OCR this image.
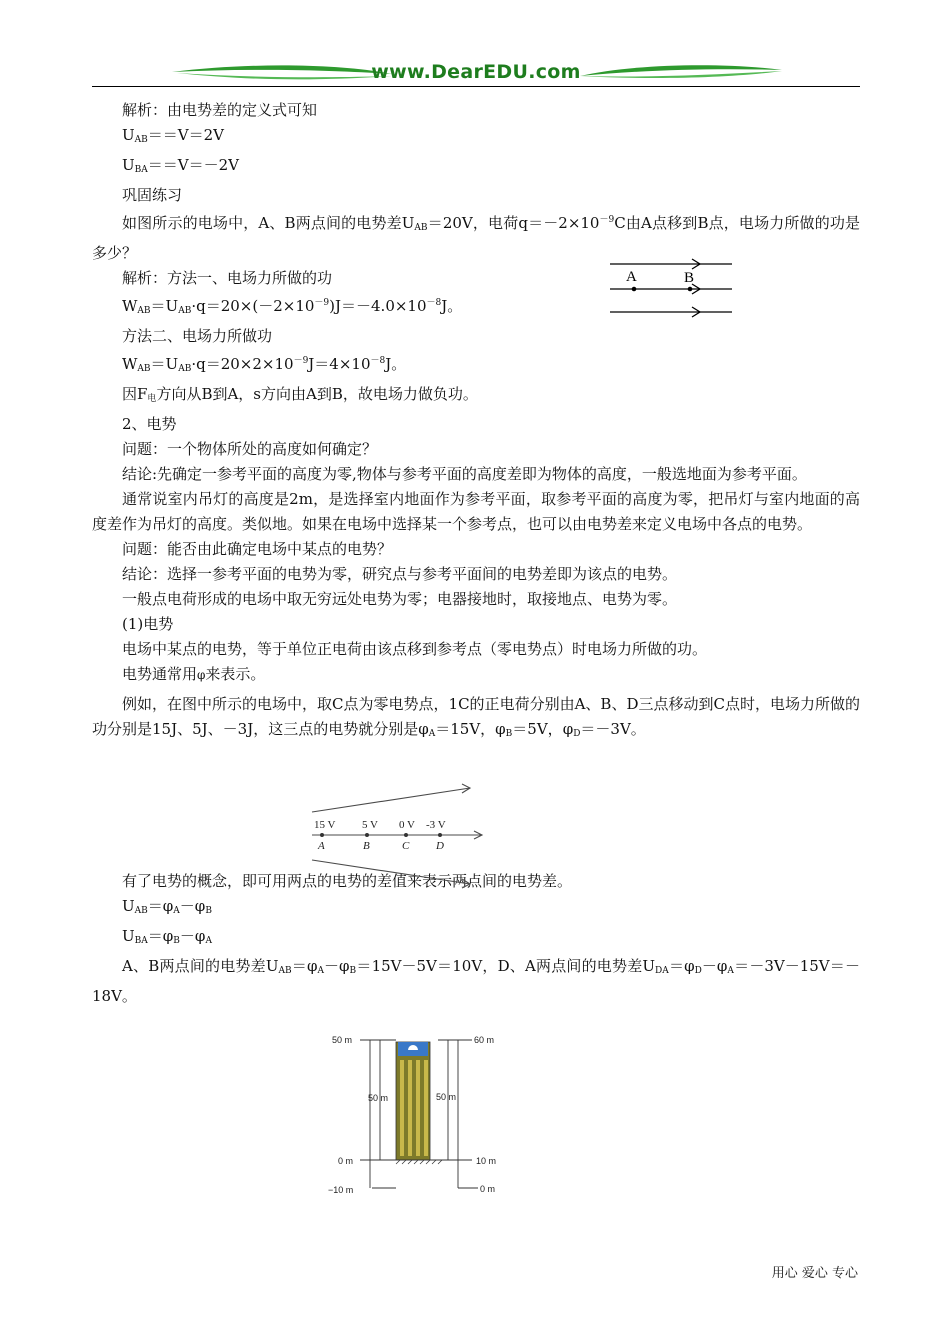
www.DearEDU.com

解析：由电势差的定义式可知

$U_{AB}==V=2V$

$U_{BA}==V=-2V$

巩固练习

如图所示的电场中，A、B两点间的电势差$U_{AB}=20V$，电荷$q=-2\times 10^{-9}C$由A点移到B点，电场力所做的功是多少？

解析：方法一、电场力所做的功

$W_{AB}=U_{AB}\cdot q=20\times(-2\times 10^{-9})J=-4.0\times 10^{-8}J$。

方法二、电场力所做功

$W_{AB}=U_{AB}\cdot q=20\times 2\times 10^{-9}J=4\times 10^{-8}J$。

因$F_电$方向从B到A，s方向由A到B，故电场力做负功。

2、电势

问题：一个物体所处的高度如何确定？

结论:先确定一参考平面的高度为零,物体与参考平面的高度差即为物体的高度，一般选地面为参考平面。

通常说室内吊灯的高度是2m，是选择室内地面作为参考平面，取参考平面的高度为零，把吊灯与室内地面的高度差作为吊灯的高度。类似地。如果在电场中选择某一个参考点，也可以由电势差来定义电场中各点的电势。

问题：能否由此确定电场中某点的电势？

结论：选择一参考平面的电势为零，研究点与参考平面间的电势差即为该点的电势。

一般点电荷形成的电场中取无穷远处电势为零；电器接地时，取接地点、电势为零。

(1)电势

电场中某点的电势，等于单位正电荷由该点移到参考点（零电势点）时电场力所做的功。

电势通常用φ来表示。

例如，在图中所示的电场中，取C点为零电势点，1C的正电荷分别由A、B、D三点移动到C点时，电场力所做的功分别是15J、5J、－3J，这三点的电势就分别是$\varphi_A=15V$，$\varphi_B=5V$，$\varphi_D=-3V$。

有了电势的概念，即可用两点的电势的差值来表示两点间的电势差。

$U_{AB}=\varphi_A-\varphi_B$

$U_{BA}=\varphi_B-\varphi_A$

A、B两点间的电势差$U_{AB}=\varphi_A-\varphi_B=15V-5V=10V$，D、A两点间的电势差$U_{DA}=\varphi_D-\varphi_A=-3V-15V=-18V$。

A	B
15 V 5 V 0 V -3 V
A	B	C D
50 m
50 m
0 m
−10 m
60 m
50 m
10 m
0 m
用心 爱心 专心
